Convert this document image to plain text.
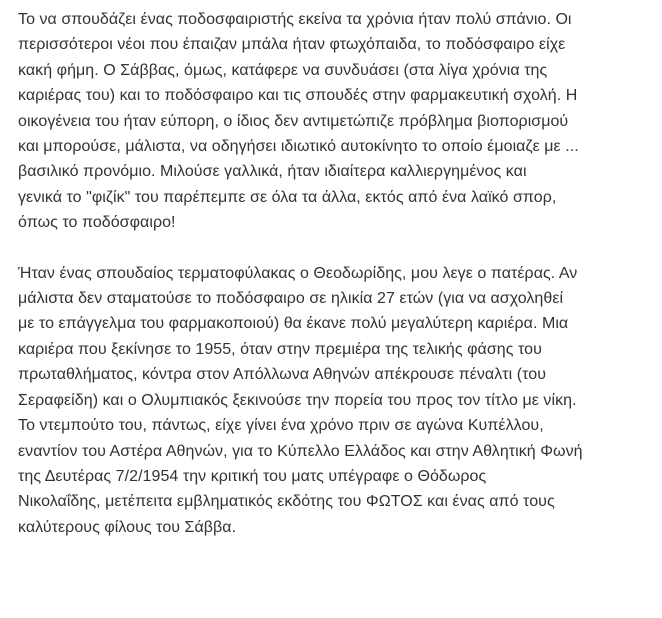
Το να σπουδάζει ένας ποδοσφαιριστής εκείνα τα χρόνια ήταν πολύ σπάνιο. Οι
περισσότεροι νέοι που έπαιζαν μπάλα ήταν φτωχόπαιδα, το ποδόσφαιρο είχε
κακή φήμη. Ο Σάββας, όμως, κατάφερε να συνδυάσει (στα λίγα χρόνια της
καριέρας του) και το ποδόσφαιρο και τις σπουδές στην φαρμακευτική σχολή. Η
οικογένεια του ήταν εύπορη, ο ίδιος δεν αντιμετώπιζε πρόβλημα βιοπορισμού
και μπορούσε, μάλιστα, να οδηγήσει ιδιωτικό αυτοκίνητο το οποίο έμοιαζε με ...
βασιλικό προνόμιο. Μιλούσε γαλλικά, ήταν ιδιαίτερα καλλιεργημένος και
γενικά το "φιζίκ" του παρέπεμπε σε όλα τα άλλα, εκτός από ένα λαϊκό σπορ,
όπως το ποδόσφαιρο!

Ήταν ένας σπουδαίος τερματοφύλακας ο Θεοδωρίδης, μου λεγε ο πατέρας. Αν
μάλιστα δεν σταματούσε το ποδόσφαιρο σε ηλικία 27 ετών (για να ασχοληθεί
με το επάγγελμα του φαρμακοποιού) θα έκανε πολύ μεγαλύτερη καριέρα. Μια
καριέρα που ξεκίνησε το 1955, όταν στην πρεμιέρα της τελικής φάσης του
πρωταθλήματος, κόντρα στον Απόλλωνα Αθηνών απέκρουσε πέναλτι (του
Σεραφείδη) και ο Ολυμπιακός ξεκινούσε την πορεία του προς τον τίτλο με νίκη.
Το ντεμπούτο του, πάντως, είχε γίνει ένα χρόνο πριν σε αγώνα Κυπέλλου,
εναντίον του Αστέρα Αθηνών, για το Κύπελλο Ελλάδος και στην Αθλητική Φωνή
της Δευτέρας 7/2/1954 την κριτική του ματς υπέγραφε ο Θόδωρος
Νικολαΐδης, μετέπειτα εμβληματικός εκδότης του ΦΩΤΟΣ και ένας από τους
καλύτερους φίλους του Σάββα.
